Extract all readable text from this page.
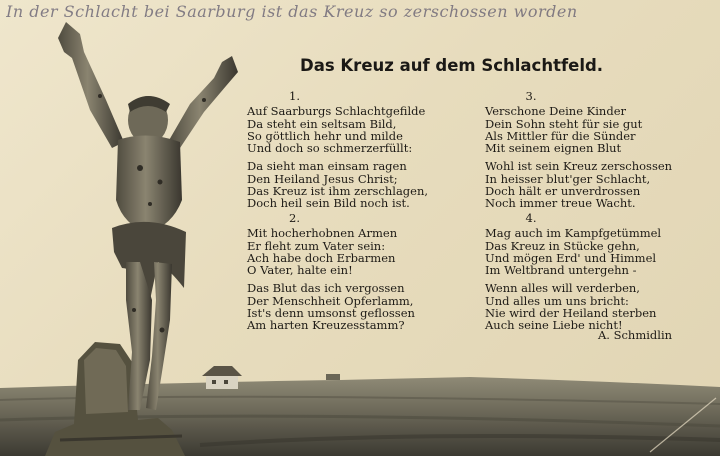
In der Schlacht bei Saarburg ist das Kreuz so zerschossen worden
Das Kreuz auf dem Schlachtfeld.
1.
Auf Saarburgs Schlachtgefilde
Da steht ein seltsam Bild,
So göttlich hehr und milde
Und doch so schmerzerfüllt:
Da sieht man einsam ragen
Den Heiland Jesus Christ;
Das Kreuz ist ihm zerschlagen,
Doch heil sein Bild noch ist.
2.
Mit hocherhobnen Armen
Er fleht zum Vater sein:
Ach habe doch Erbarmen
O Vater, halte ein!
Das Blut das ich vergossen
Der Menschheit Opferlamm,
Ist's denn umsonst geflossen
Am harten Kreuzesstamm?
3.
Verschone Deine Kinder
Dein Sohn steht für sie gut
Als Mittler für die Sünder
Mit seinem eignen Blut
Wohl ist sein Kreuz zerschossen
In heisser blut'ger Schlacht,
Doch hält er unverdrossen
Noch immer treue Wacht.
4.
Mag auch im Kampfgetümmel
Das Kreuz in Stücke gehn,
Und mögen Erd' und Himmel
Im Weltbrand untergehn -
Wenn alles will verderben,
Und alles um uns bricht:
Nie wird der Heiland sterben
Auch seine Liebe nicht!
A. Schmidlin
